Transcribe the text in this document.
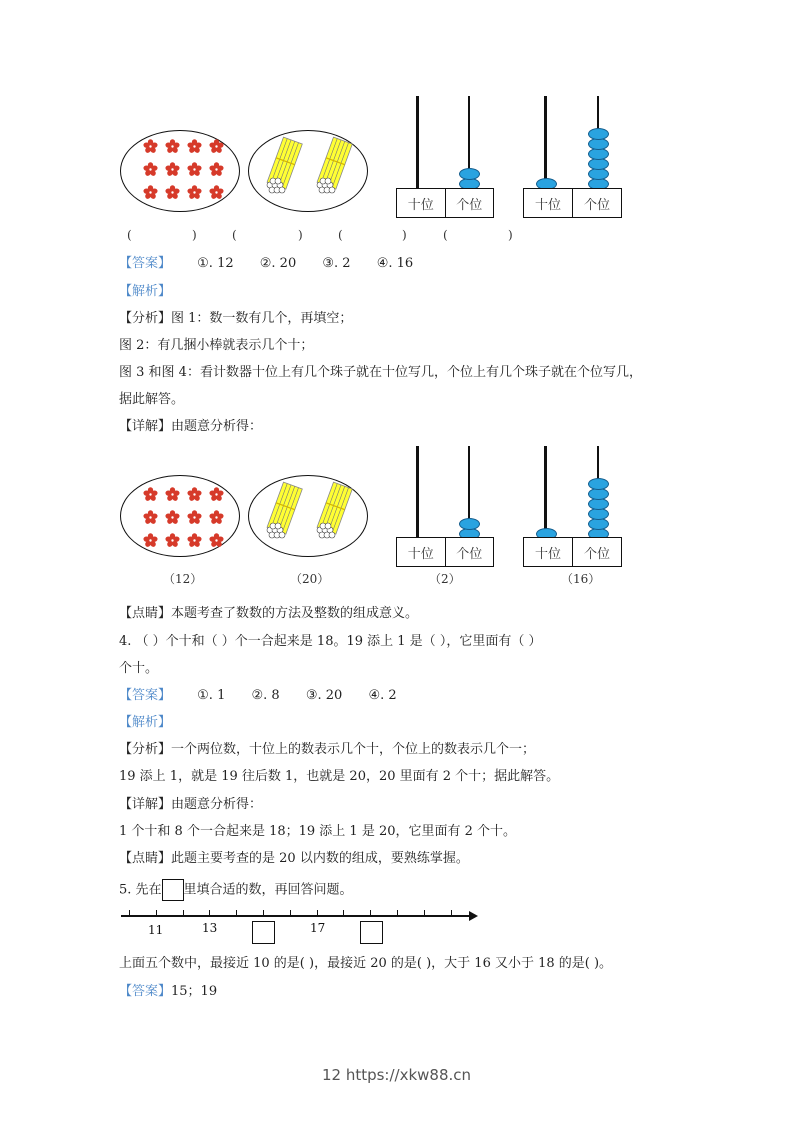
十位	个位	十位	个位
(	)	(	)	(	)	(	)
【答案】 ①. 12 ②. 20 ③. 2 ④. 16
【解析】
【分析】图 1：数一数有几个，再填空；
图 2：有几捆小棒就表示几个十；
图 3 和图 4：看计数器十位上有几个珠子就在十位写几，个位上有几个珠子就在个位写几，
据此解答。
【详解】由题意分析得：
十位	个位	十位	个位
（12）	（20）	（2）	（16）
【点睛】本题考查了数数的方法及整数的组成意义。
4. （ ）个十和（ ）个一合起来是 18。19 添上 1 是（ ），它里面有（ ）
个十。
【答案】 ①. 1 ②. 8 ③. 20 ④. 2
【解析】
【分析】一个两位数，十位上的数表示几个十，个位上的数表示几个一；
19 添上 1，就是 19 往后数 1，也就是 20，20 里面有 2 个十；据此解答。
【详解】由题意分析得：
1 个十和 8 个一合起来是 18；19 添上 1 是 20，它里面有 2 个十。
【点睛】此题主要考查的是 20 以内数的组成，要熟练掌握。
5. 先在 里填合适的数，再回答问题。
11	13	17
上面五个数中，最接近 10 的是( )，最接近 20 的是( )，大于 16 又小于 18 的是( )。
【答案】15；19
12 https://xkw88.cn
